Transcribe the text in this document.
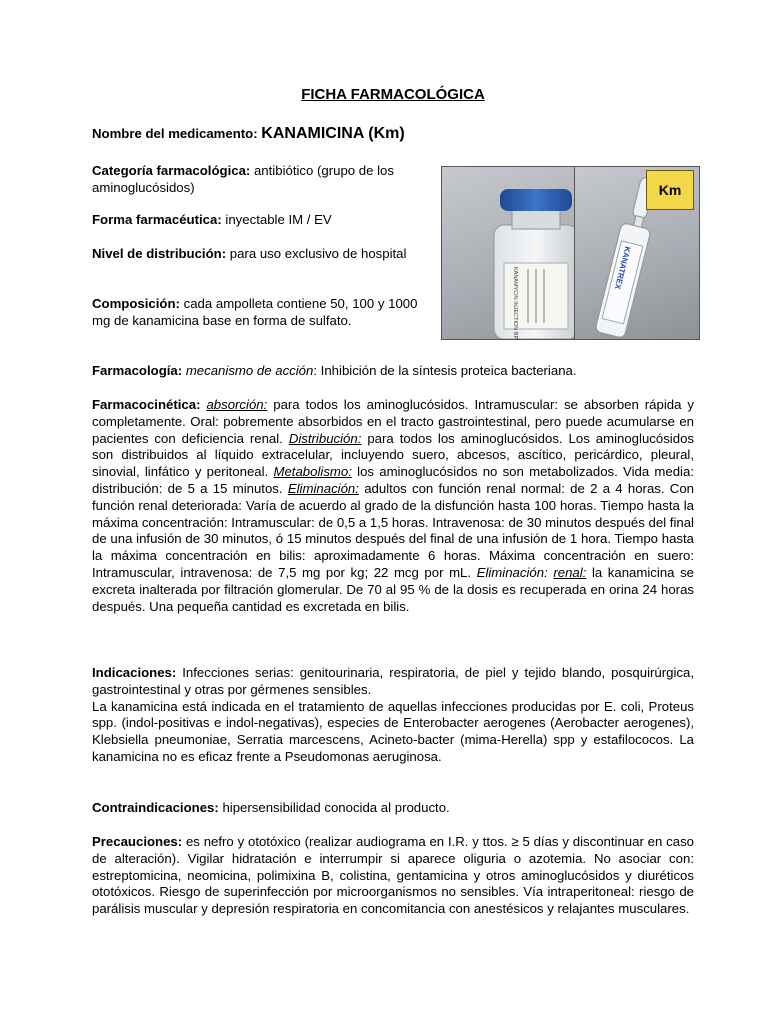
FICHA FARMACOLÓGICA
Nombre del medicamento: KANAMICINA (Km)
Categoría farmacológica: antibiótico (grupo de los aminoglucósidos)
Forma farmacéutica: inyectable IM / EV
Nivel de distribución: para uso exclusivo de hospital
Composición: cada ampolleta contiene 50, 100 y 1000 mg de kanamicina base en forma de sulfato.	KANAMYCIN INJECTION BP	KANATREX
Km
Farmacología: mecanismo de acción: Inhibición de la síntesis proteica bacteriana.
Farmacocinética: absorción: para todos los aminoglucósidos. Intramuscular: se absorben rápida y completamente. Oral: pobremente absorbidos en el tracto gastrointestinal, pero puede acumularse en pacientes con deficiencia renal. Distribución: para todos los aminoglucósidos. Los aminoglucósidos son distribuidos al líquido extracelular, incluyendo suero, abcesos, ascítico, pericárdico, pleural, sinovial, linfático y peritoneal. Metabolismo: los aminoglucósidos no son metabolizados. Vida media: distribución: de 5 a 15 minutos. Eliminación: adultos con función renal normal: de 2 a 4 horas. Con función renal deteriorada: Varía de acuerdo al grado de la disfunción hasta 100 horas. Tiempo hasta la máxima concentración: Intramuscular: de 0,5 a 1,5 horas. Intravenosa: de 30 minutos después del final de una infusión de 30 minutos, ó 15 minutos después del final de una infusión de 1 hora. Tiempo hasta la máxima concentración en bilis: aproximadamente 6 horas. Máxima concentración en suero: Intramuscular, intravenosa: de 7,5 mg por kg; 22 mcg por mL. Eliminación: renal: la kanamicina se excreta inalterada por filtración glomerular. De 70 al 95 % de la dosis es recuperada en orina 24 horas después. Una pequeña cantidad es excretada en bilis.
Indicaciones: Infecciones serias: genitourinaria, respiratoria, de piel y tejido blando, posquirúrgica, gastrointestinal y otras por gérmenes sensibles.
La kanamicina está indicada en el tratamiento de aquellas infecciones producidas por E. coli, Proteus spp. (indol-positivas e indol-negativas), especies de Enterobacter aerogenes (Aerobacter aerogenes), Klebsiella pneumoniae, Serratia marcescens, Acineto-bacter (mima-Herella) spp y estafilococos. La kanamicina no es eficaz frente a Pseudomonas aeruginosa.
Contraindicaciones: hipersensibilidad conocida al producto.
Precauciones: es nefro y ototóxico (realizar audiograma en I.R. y ttos. ≥ 5 días y discontinuar en caso de alteración). Vigilar hidratación e interrumpir si aparece oliguria o azotemia. No asociar con: estreptomicina, neomicina, polimixina B, colistina, gentamicina y otros aminoglucósidos y diuréticos ototóxicos. Riesgo de superinfección por microorganismos no sensibles. Vía intraperitoneal: riesgo de parálisis muscular y depresión respiratoria en concomitancia con anestésicos y relajantes musculares.
